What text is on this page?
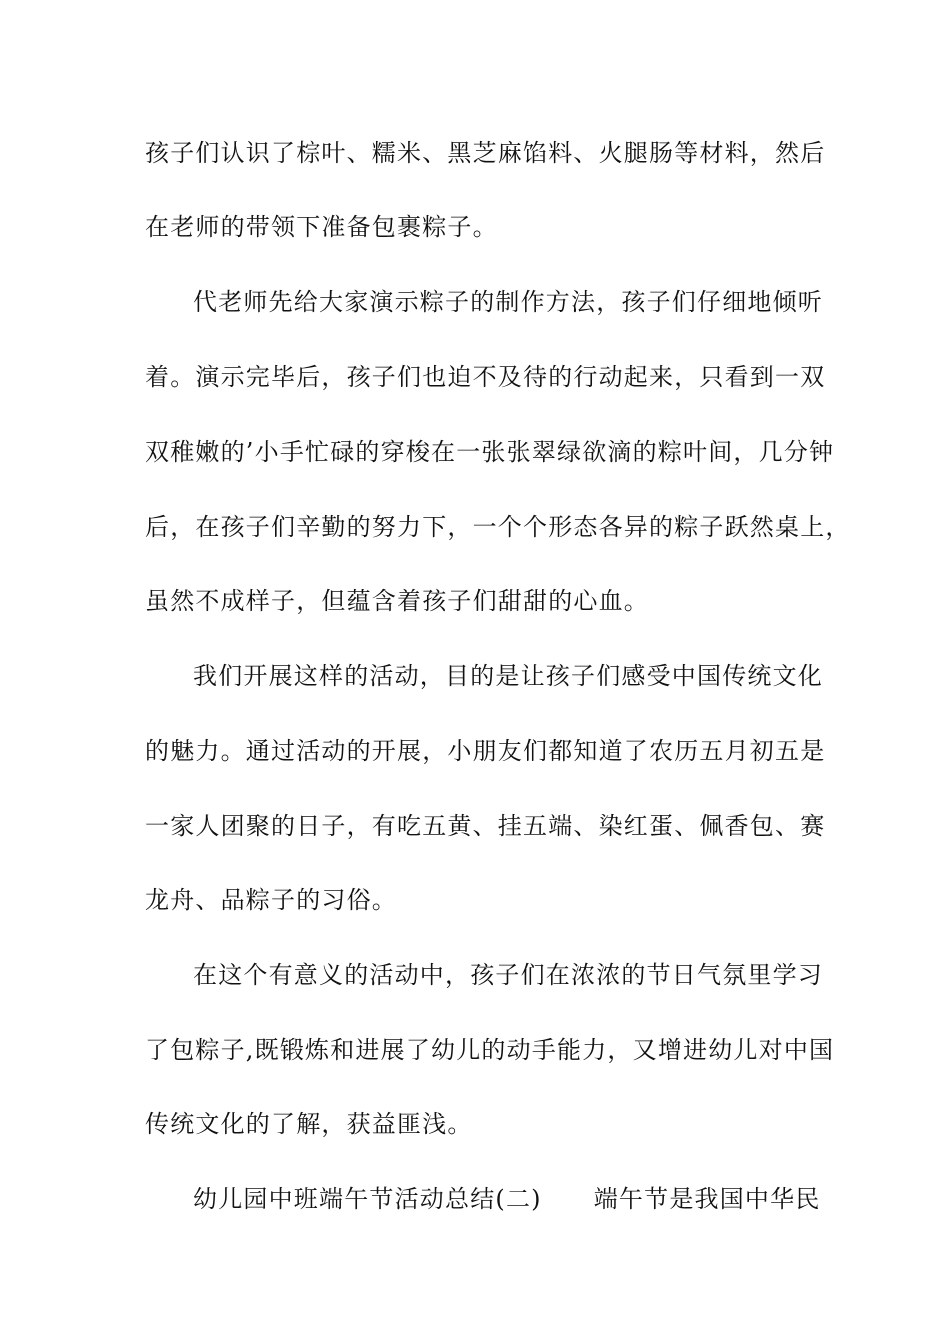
孩子们认识了棕叶、糯米、黑芝麻馅料、火腿肠等材料，然后
在老师的带领下准备包裹粽子。
代老师先给大家演示粽子的制作方法，孩子们仔细地倾听
着。演示完毕后，孩子们也迫不及待的行动起来，只看到一双
双稚嫩的’小手忙碌的穿梭在一张张翠绿欲滴的粽叶间，几分钟
后，在孩子们辛勤的努力下，一个个形态各异的粽子跃然桌上，
虽然不成样子，但蕴含着孩子们甜甜的心血。
我们开展这样的活动，目的是让孩子们感受中国传统文化
的魅力。通过活动的开展，小朋友们都知道了农历五月初五是
一家人团聚的日子，有吃五黄、挂五端、染红蛋、佩香包、赛
龙舟、品粽子的习俗。
在这个有意义的活动中，孩子们在浓浓的节日气氛里学习
了包粽子,既锻炼和进展了幼儿的动手能力，又增进幼儿对中国
传统文化的了解，获益匪浅。
幼儿园中班端午节活动总结(二) 端午节是我国中华民
